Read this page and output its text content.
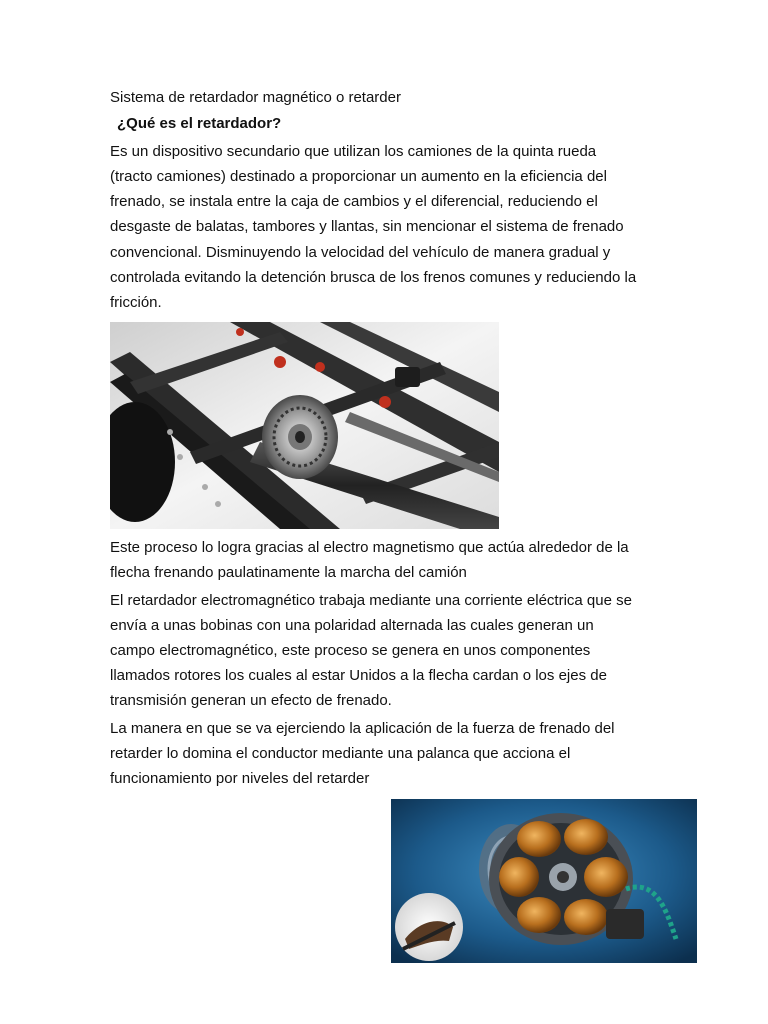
Sistema de retardador magnético o retarder
¿Qué es el retardador?
Es un dispositivo secundario que utilizan los camiones de la quinta rueda
(tracto camiones) destinado a proporcionar un aumento en la eficiencia del
frenado, se instala entre la caja de cambios y el diferencial, reduciendo el
desgaste de balatas, tambores y llantas, sin mencionar el sistema de frenado
convencional. Disminuyendo la velocidad del vehículo de manera gradual y
controlada evitando la detención brusca de los frenos comunes y reduciendo la
fricción.
Este proceso lo logra gracias al electro magnetismo que actúa alrededor de la
flecha frenando paulatinamente la marcha del camión
El retardador electromagnético trabaja mediante una corriente eléctrica que se
envía a unas bobinas con una polaridad alternada las cuales generan un
campo electromagnético, este proceso se genera en unos componentes
llamados rotores los cuales al estar Unidos a la flecha cardan o los ejes de
transmisión generan un efecto de frenado.
La manera en que se va ejerciendo la aplicación de la fuerza de frenado del
retarder lo domina el conductor mediante una palanca que acciona el
funcionamiento por niveles del retarder
